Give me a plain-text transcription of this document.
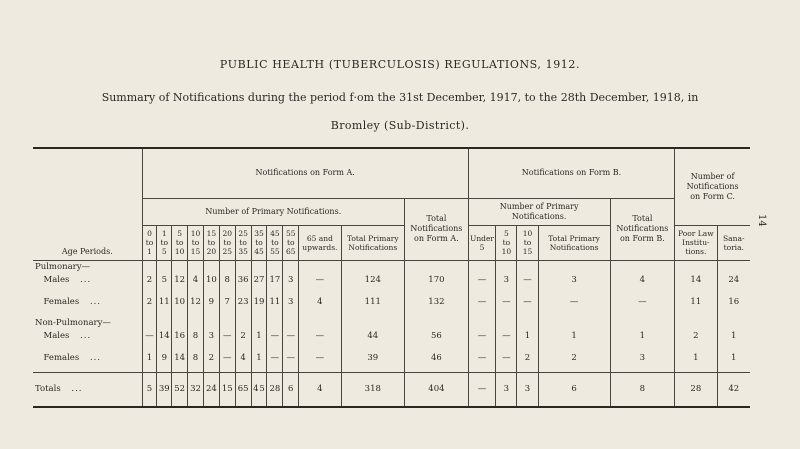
PUBLIC HEALTH (TUBERCULOSIS) REGULATIONS, 1912.
Summary of Notifications during the period f·om the 31st December, 1917, to the 28th December, 1918, in
Bromley (Sub-District).
14
Age Periods.	Notifications on Form A.													Notifications on Form B.					Number of Notifications on Form C.	
	Number of Primary Notifications.												Total Notifications on Form A.	Number of Primary Notifications.				Total Notifications on Form B.		
	0
to
1	1
to
5	5
to
10	10
to
15	15
to
20	20
to
25	25
to
35	35
to
45	45
to
55	55
to
65	65 and upwards.	Total Primary Notifications		Under
5	5
to
10	10
to
15	Total Primary Notifications		Poor Law Institu- tions.	Sana- toria.
Pulmonary—																				
 Males ...	2	5	12	4	10	8	36	27	17	3	—	124	170	—	3	—	3	4	14	24
 Females ...	2	11	10	12	9	7	23	19	11	3	4	111	132	—	—	—	—	—	11	16
Non-Pulmonary—																				
 Males ...	—	14	16	8	3	—	2	1	—	—	—	44	56	—	—	1	1	1	2	1
 Females ...	1	9	14	8	2	—	4	1	—	—	—	39	46	—	—	2	2	3	1	1
Totals ...	5	39	52	32	24	15	65	4 5	28	6	4	318	404	—	3	3	6	8	28	42
